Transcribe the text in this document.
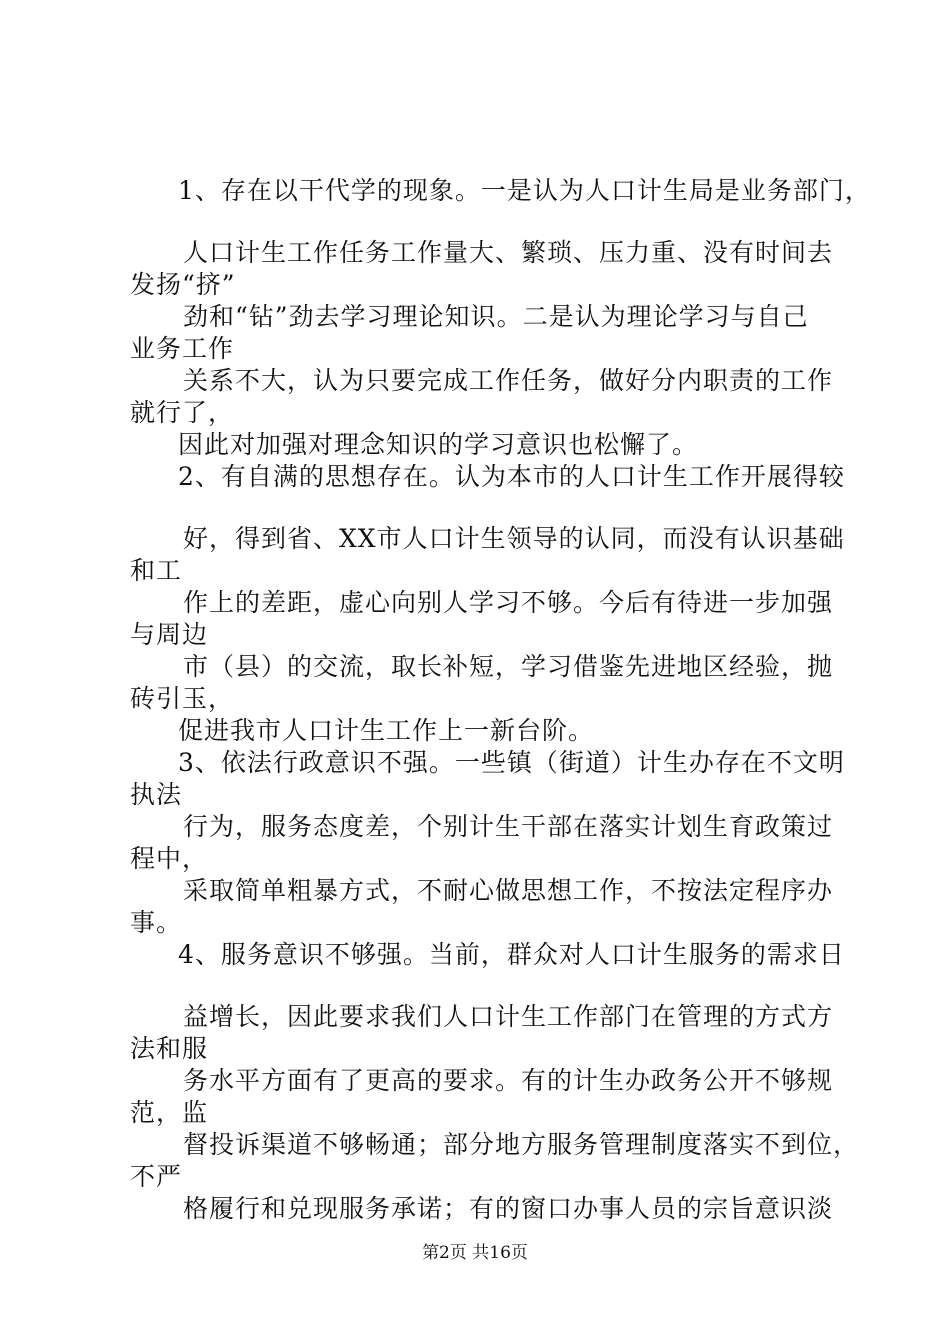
1、存在以干代学的现象。一是认为人口计生局是业务部门，
人口计生工作任务工作量大、繁琐、压力重、没有时间去
发扬“挤”
劲和“钻”劲去学习理论知识。二是认为理论学习与自己
业务工作
关系不大，认为只要完成工作任务，做好分内职责的工作
就行了，
因此对加强对理念知识的学习意识也松懈了。
2、有自满的思想存在。认为本市的人口计生工作开展得较
好，得到省、XX市人口计生领导的认同，而没有认识基础
和工
作上的差距，虚心向别人学习不够。今后有待进一步加强
与周边
市（县）的交流，取长补短，学习借鉴先进地区经验，抛
砖引玉，
促进我市人口计生工作上一新台阶。
3、依法行政意识不强。一些镇（街道）计生办存在不文明
执法
行为，服务态度差，个别计生干部在落实计划生育政策过
程中，
采取简单粗暴方式，不耐心做思想工作，不按法定程序办
事。
4、服务意识不够强。当前，群众对人口计生服务的需求日
益增长，因此要求我们人口计生工作部门在管理的方式方
法和服
务水平方面有了更高的要求。有的计生办政务公开不够规
范，监
督投诉渠道不够畅通；部分地方服务管理制度落实不到位，
不严
格履行和兑现服务承诺；有的窗口办事人员的宗旨意识淡
第2页 共16页
